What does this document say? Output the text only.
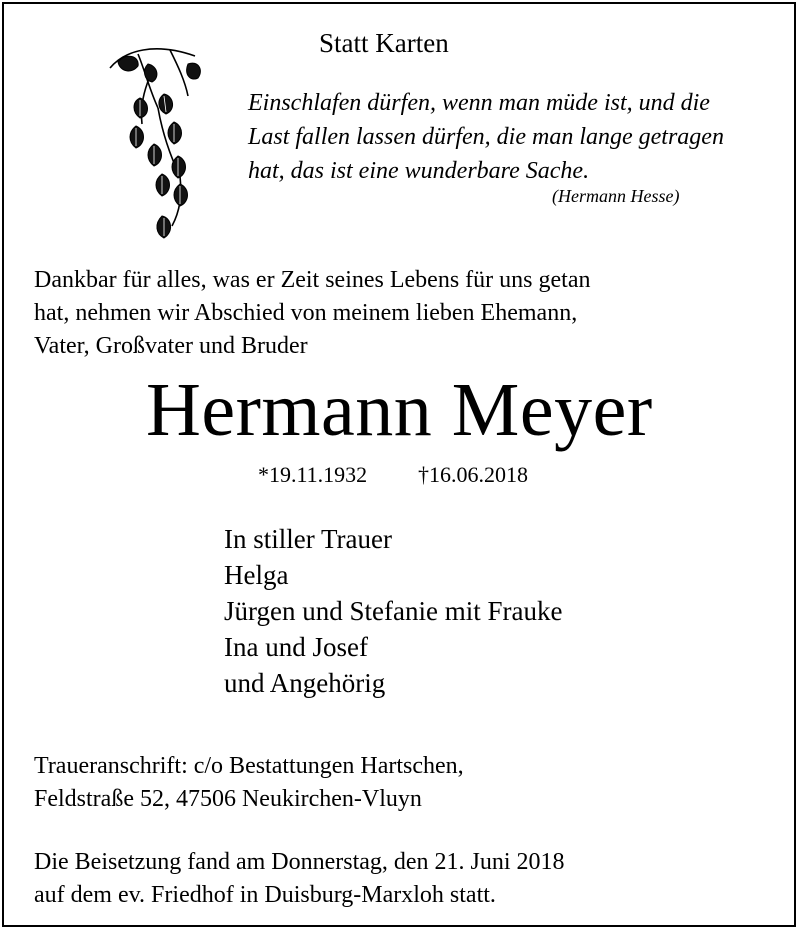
Statt Karten
Einschlafen dürfen, wenn man müde ist, und die
Last fallen lassen dürfen, die man lange getragen
hat, das ist eine wunderbare Sache.
(Hermann Hesse)
Dankbar für alles, was er Zeit seines Lebens für uns getan
hat, nehmen wir Abschied von meinem lieben Ehemann,
Vater, Großvater und Bruder
Hermann Meyer
*19.11.1932 †16.06.2018
In stiller Trauer
Helga
Jürgen und Stefanie mit Frauke
Ina und Josef
und Angehörig
Traueranschrift: c/o Bestattungen Hartschen,
Feldstraße 52, 47506 Neukirchen-Vluyn
Die Beisetzung fand am Donnerstag, den 21. Juni 2018
auf dem ev. Friedhof in Duisburg-Marxloh statt.
